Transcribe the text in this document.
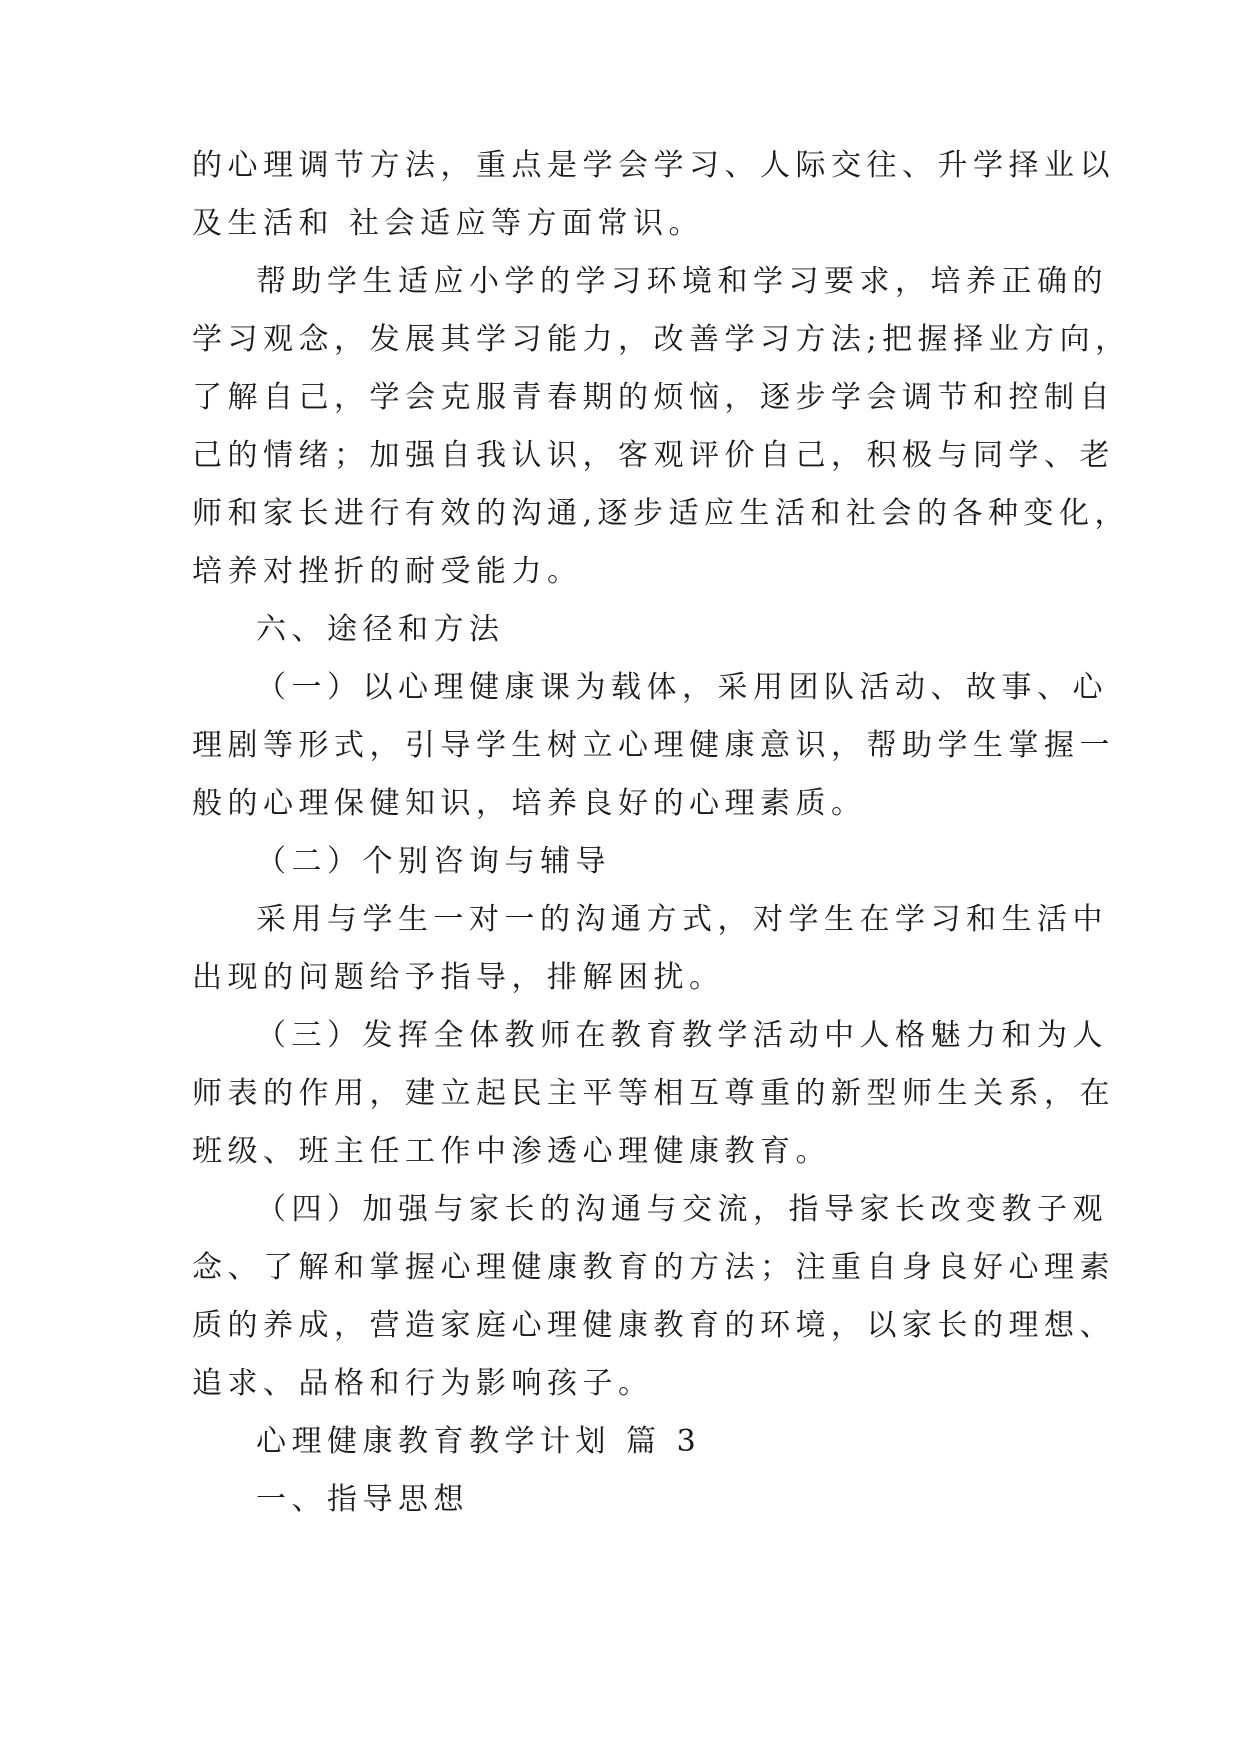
的心理调节方法，重点是学会学习、人际交往、升学择业以
及生活和 社会适应等方面常识。
帮助学生适应小学的学习环境和学习要求，培养正确的
学习观念，发展其学习能力，改善学习方法;把握择业方向，
了解自己，学会克服青春期的烦恼，逐步学会调节和控制自
己的情绪；加强自我认识，客观评价自己，积极与同学、老
师和家长进行有效的沟通,逐步适应生活和社会的各种变化，
培养对挫折的耐受能力。
六、途径和方法
（一）以心理健康课为载体，采用团队活动、故事、心
理剧等形式，引导学生树立心理健康意识，帮助学生掌握一
般的心理保健知识，培养良好的心理素质。
（二）个别咨询与辅导
采用与学生一对一的沟通方式，对学生在学习和生活中
出现的问题给予指导，排解困扰。
（三）发挥全体教师在教育教学活动中人格魅力和为人
师表的作用，建立起民主平等相互尊重的新型师生关系，在
班级、班主任工作中渗透心理健康教育。
（四）加强与家长的沟通与交流，指导家长改变教子观
念、了解和掌握心理健康教育的方法；注重自身良好心理素
质的养成，营造家庭心理健康教育的环境，以家长的理想、
追求、品格和行为影响孩子。
心理健康教育教学计划 篇 3
一、指导思想
